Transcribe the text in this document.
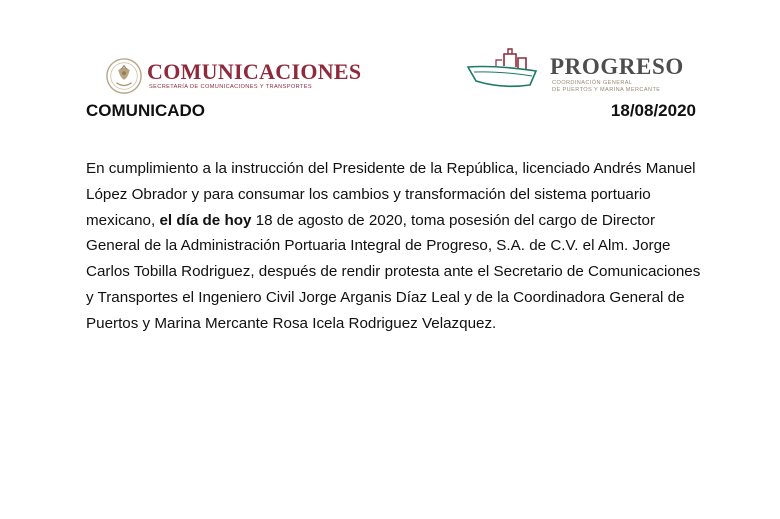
COMUNICACIONES
SECRETARÍA DE COMUNICACIONES Y TRANSPORTES
PROGRESO
COORDINACIÓN GENERAL
DE PUERTOS Y MARINA MERCANTE
COMUNICADO	18/08/2020
En cumplimiento a la instrucción del Presidente de la República, licenciado Andrés Manuel López Obrador y para consumar los cambios y transformación del sistema portuario mexicano, el día de hoy 18 de agosto de 2020, toma posesión del cargo de Director General de la Administración Portuaria Integral de Progreso, S.A. de C.V. el Alm. Jorge Carlos Tobilla Rodriguez, después de rendir protesta ante el Secretario de Comunicaciones y Transportes el Ingeniero Civil Jorge Arganis Díaz Leal y de la Coordinadora General de Puertos y Marina Mercante Rosa Icela Rodriguez Velazquez.
